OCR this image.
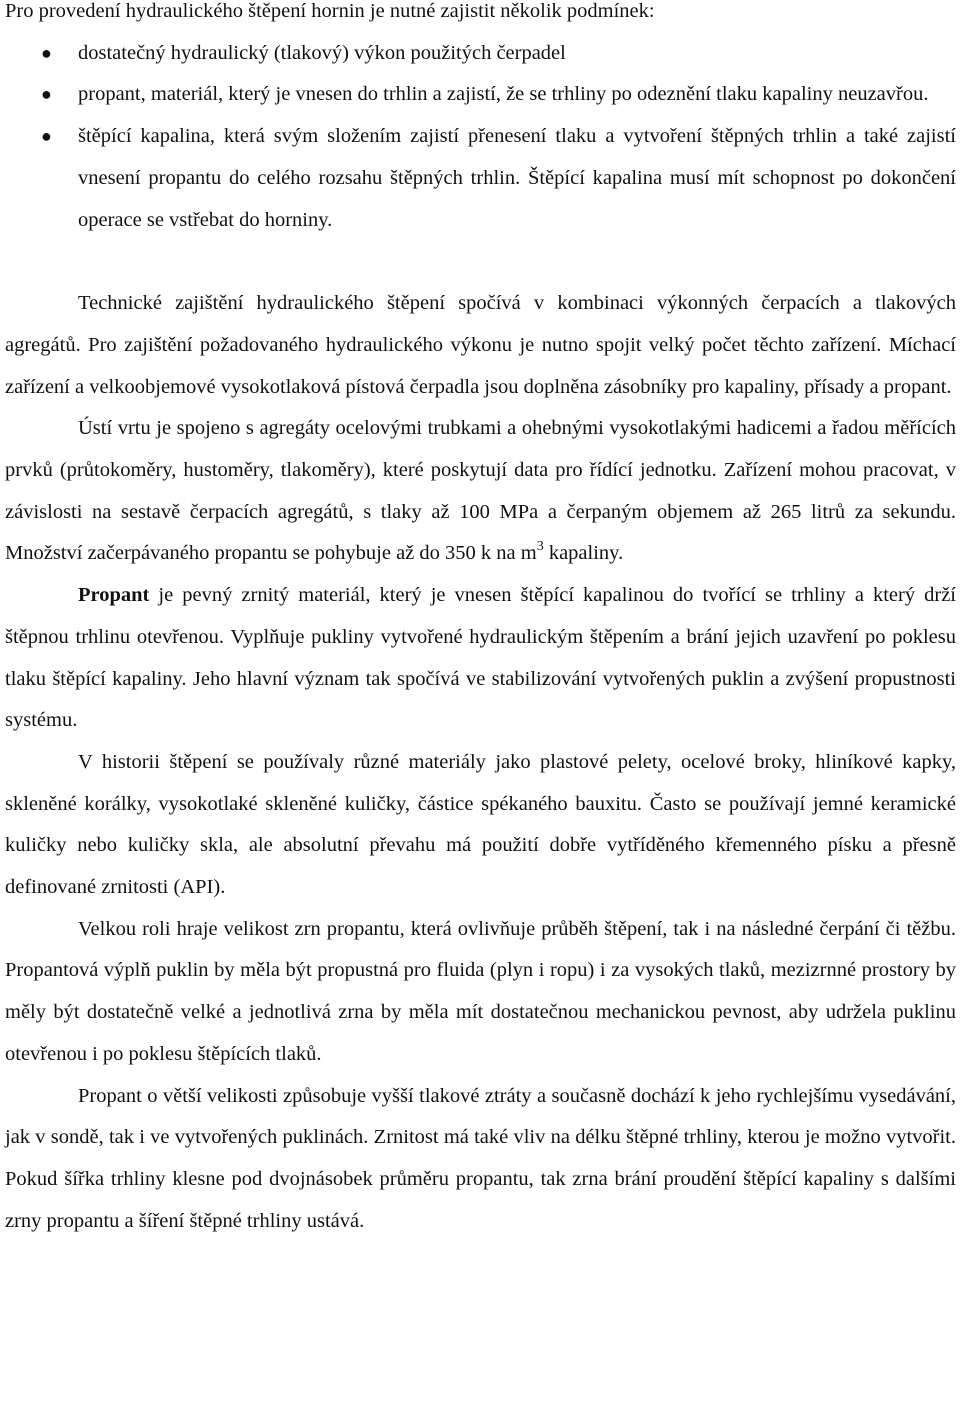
Pro provedení hydraulického štěpení hornin je nutné zajistit několik podmínek:

● dostatečný hydraulický (tlakový) výkon použitých čerpadel
● propant, materiál, který je vnesen do trhlin a zajistí, že se trhliny po odeznění tlaku kapaliny neuzavřou.
● štěpící kapalina, která svým složením zajistí přenesení tlaku a vytvoření štěpných trhlin a také zajistí vnesení propantu do celého rozsahu štěpných trhlin. Štěpící kapalina musí mít schopnost po dokončení operace se vstřebat do horniny.

Technické zajištění hydraulického štěpení spočívá v kombinaci výkonných čerpacích a tlakových agregátů. Pro zajištění požadovaného hydraulického výkonu je nutno spojit velký počet těchto zařízení. Míchací zařízení a velkoobjemové vysokotlaková pístová čerpadla jsou doplněna zásobníky pro kapaliny, přísady a propant.

Ústí vrtu je spojeno s agregáty ocelovými trubkami a ohebnými vysokotlakými hadicemi a řadou měřících prvků (průtokoměry, hustoměry, tlakoměry), které poskytují data pro řídící jednotku. Zařízení mohou pracovat, v závislosti na sestavě čerpacích agregátů, s tlaky až 100 MPa a čerpaným objemem až 265 litrů za sekundu. Množství začerpávaného propantu se pohybuje až do 350 k na $m^3$ kapaliny.

Propant je pevný zrnitý materiál, který je vnesen štěpící kapalinou do tvořící se trhliny a který drží štěpnou trhlinu otevřenou. Vyplňuje pukliny vytvořené hydraulickým štěpením a brání jejich uzavření po poklesu tlaku štěpící kapaliny. Jeho hlavní význam tak spočívá ve stabilizování vytvořených puklin a zvýšení propustnosti systému.

V historii štěpení se používaly různé materiály jako plastové pelety, ocelové broky, hliníkové kapky, skleněné korálky, vysokotlaké skleněné kuličky, částice spékaného bauxitu. Často se používají jemné keramické kuličky nebo kuličky skla, ale absolutní převahu má použití dobře vytříděného křemenného písku a přesně definované zrnitosti (API).

Velkou roli hraje velikost zrn propantu, která ovlivňuje průběh štěpení, tak i na následné čerpání či těžbu. Propantová výplň puklin by měla být propustná pro fluida (plyn i ropu) i za vysokých tlaků, mezizrnné prostory by měly být dostatečně velké a jednotlivá zrna by měla mít dostatečnou mechanickou pevnost, aby udržela puklinu otevřenou i po poklesu štěpících tlaků.

Propant o větší velikosti způsobuje vyšší tlakové ztráty a současně dochází k jeho rychlejšímu vysedávání, jak v sondě, tak i ve vytvořených puklinách. Zrnitost má také vliv na délku štěpné trhliny, kterou je možno vytvořit. Pokud šířka trhliny klesne pod dvojnásobek průměru propantu, tak zrna brání proudění štěpící kapaliny s dalšími zrny propantu a šíření štěpné trhliny ustává.
